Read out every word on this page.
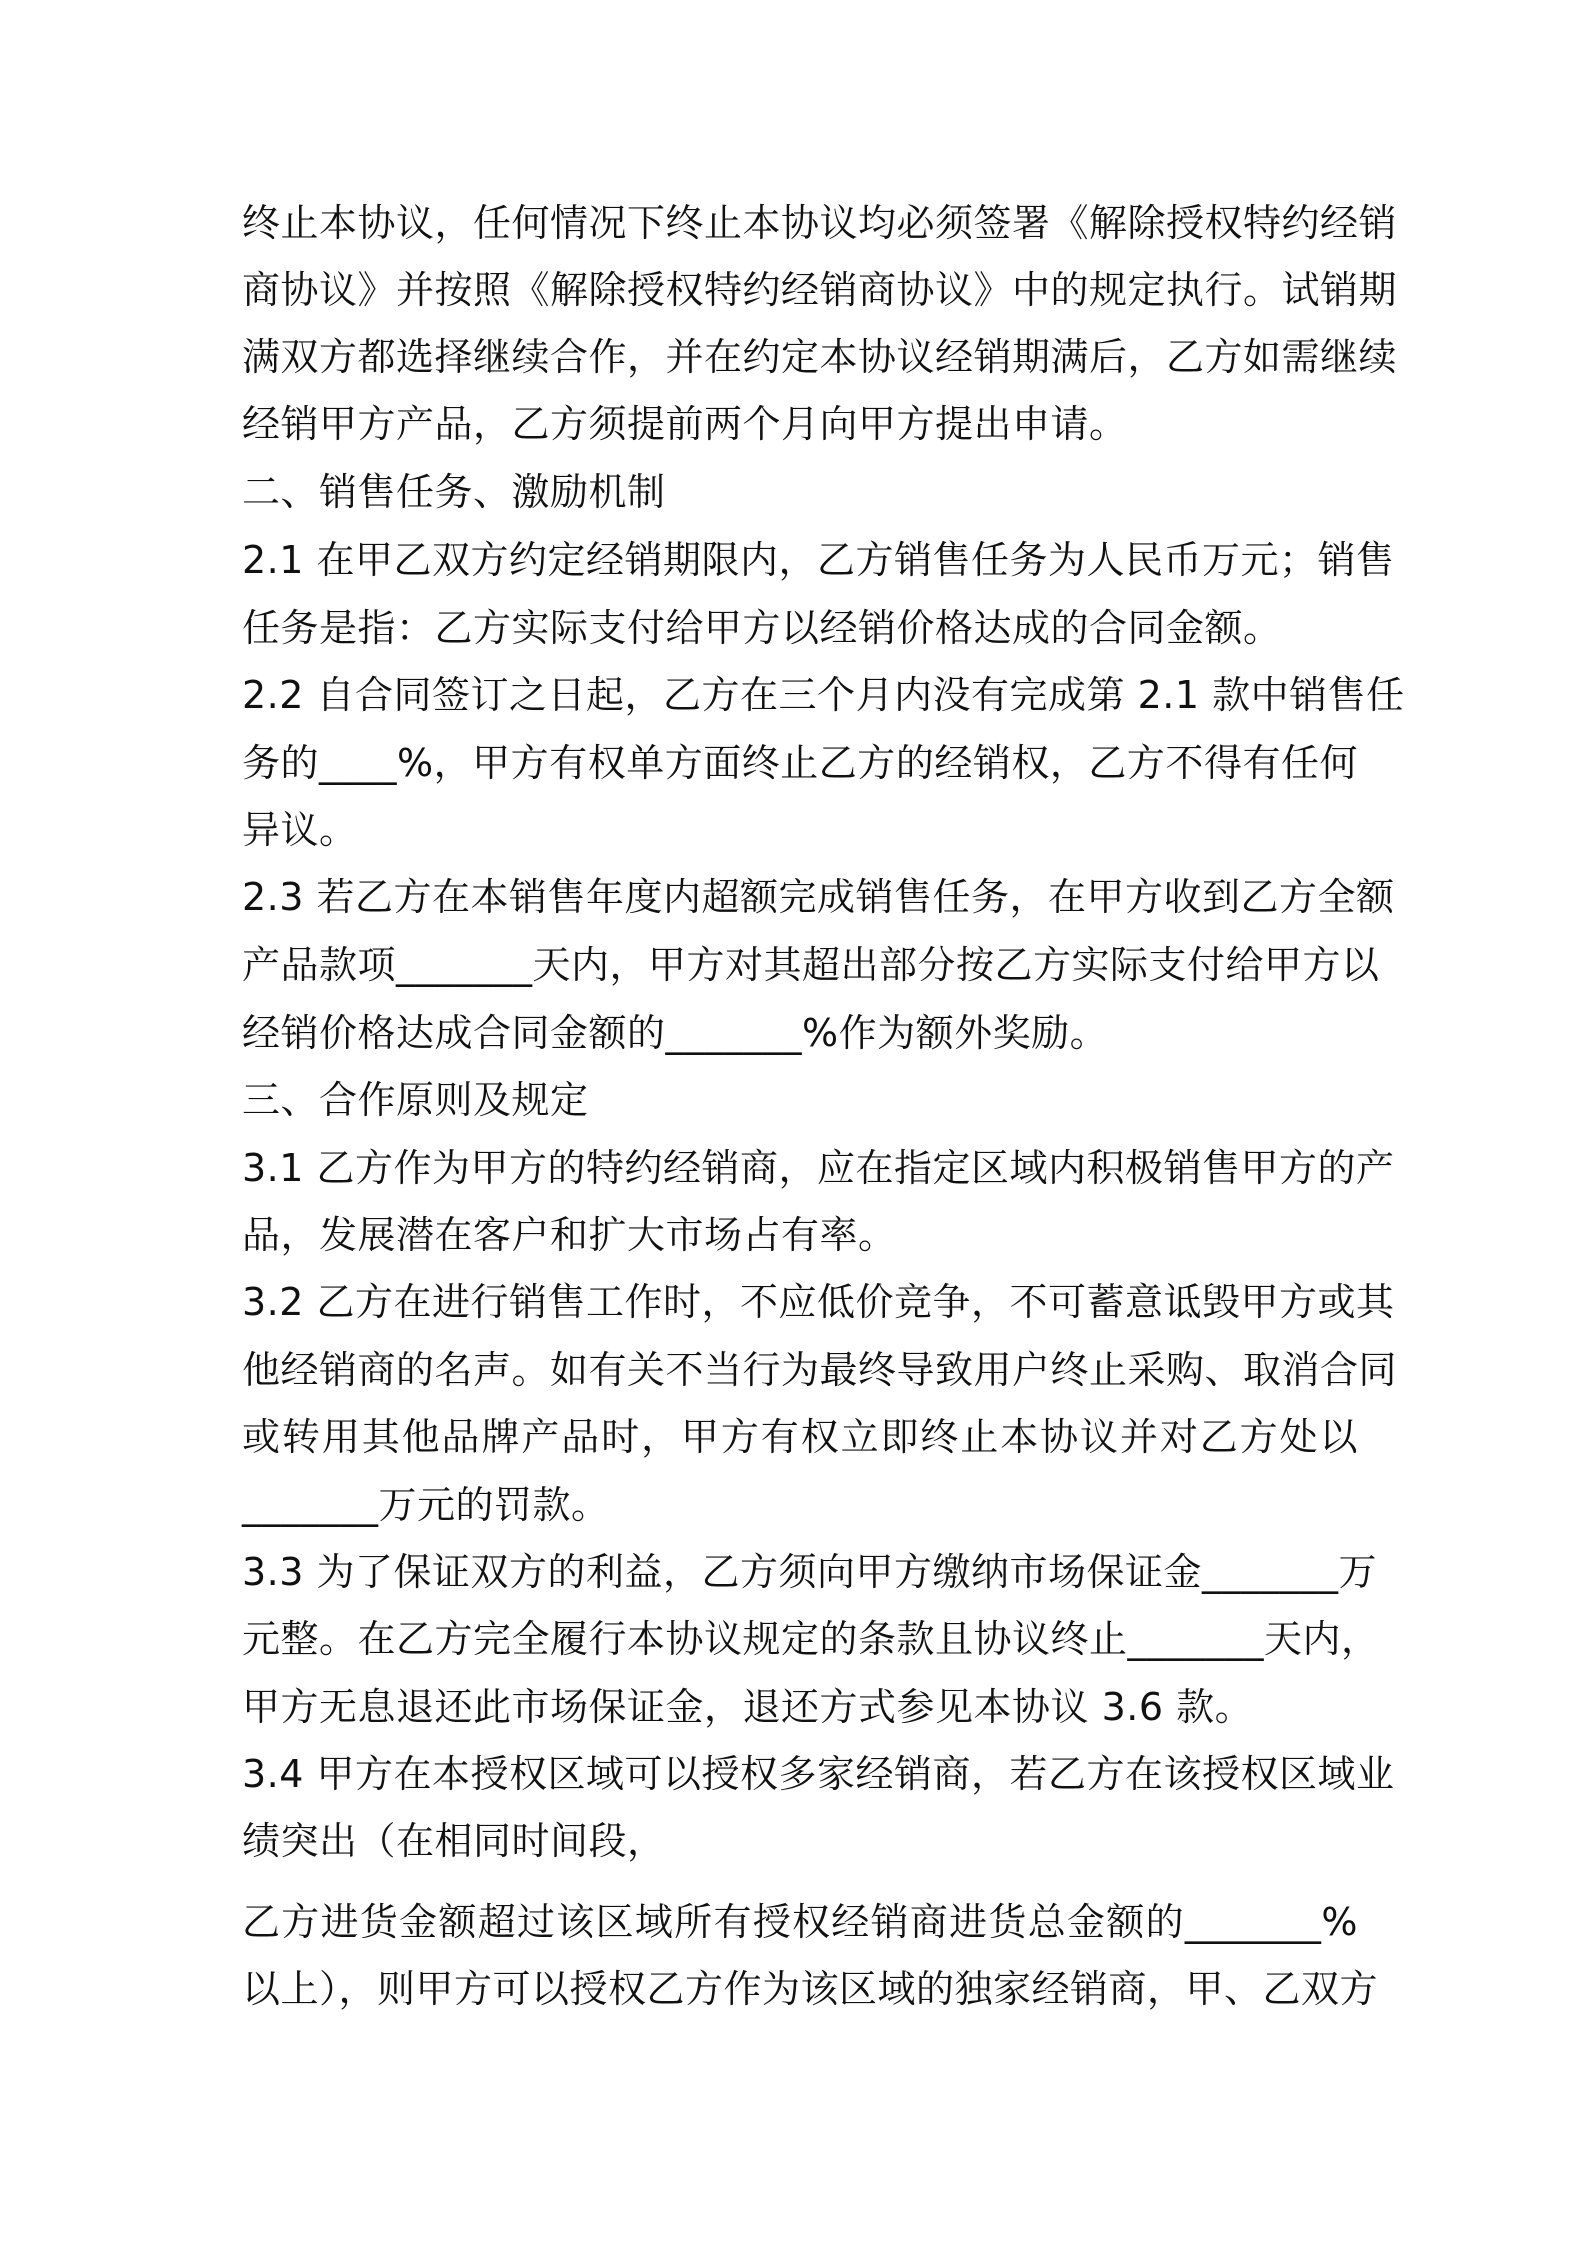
终止本协议，任何情况下终止本协议均必须签署《解除授权特约经销

商协议》并按照《解除授权特约经销商协议》中的规定执行。试销期

满双方都选择继续合作，并在约定本协议经销期满后，乙方如需继续

经销甲方产品，乙方须提前两个月向甲方提出申请。

二、销售任务、激励机制

2.1 在甲乙双方约定经销期限内，乙方销售任务为人民币万元；销售

任务是指：乙方实际支付给甲方以经销价格达成的合同金额。

2.2 自合同签订之日起，乙方在三个月内没有完成第 2.1 款中销售任

务的____%，甲方有权单方面终止乙方的经销权，乙方不得有任何

异议。

2.3 若乙方在本销售年度内超额完成销售任务，在甲方收到乙方全额

产品款项_______天内，甲方对其超出部分按乙方实际支付给甲方以

经销价格达成合同金额的_______%作为额外奖励。

三、合作原则及规定

3.1 乙方作为甲方的特约经销商，应在指定区域内积极销售甲方的产

品，发展潜在客户和扩大市场占有率。

3.2 乙方在进行销售工作时，不应低价竞争，不可蓄意诋毁甲方或其

他经销商的名声。如有关不当行为最终导致用户终止采购、取消合同

或转用其他品牌产品时，甲方有权立即终止本协议并对乙方处以

_______万元的罚款。

3.3 为了保证双方的利益，乙方须向甲方缴纳市场保证金_______万

元整。在乙方完全履行本协议规定的条款且协议终止_______天内，

甲方无息退还此市场保证金，退还方式参见本协议 3.6 款。

3.4 甲方在本授权区域可以授权多家经销商，若乙方在该授权区域业

绩突出（在相同时间段，

乙方进货金额超过该区域所有授权经销商进货总金额的_______%

以上），则甲方可以授权乙方作为该区域的独家经销商，甲、乙双方
